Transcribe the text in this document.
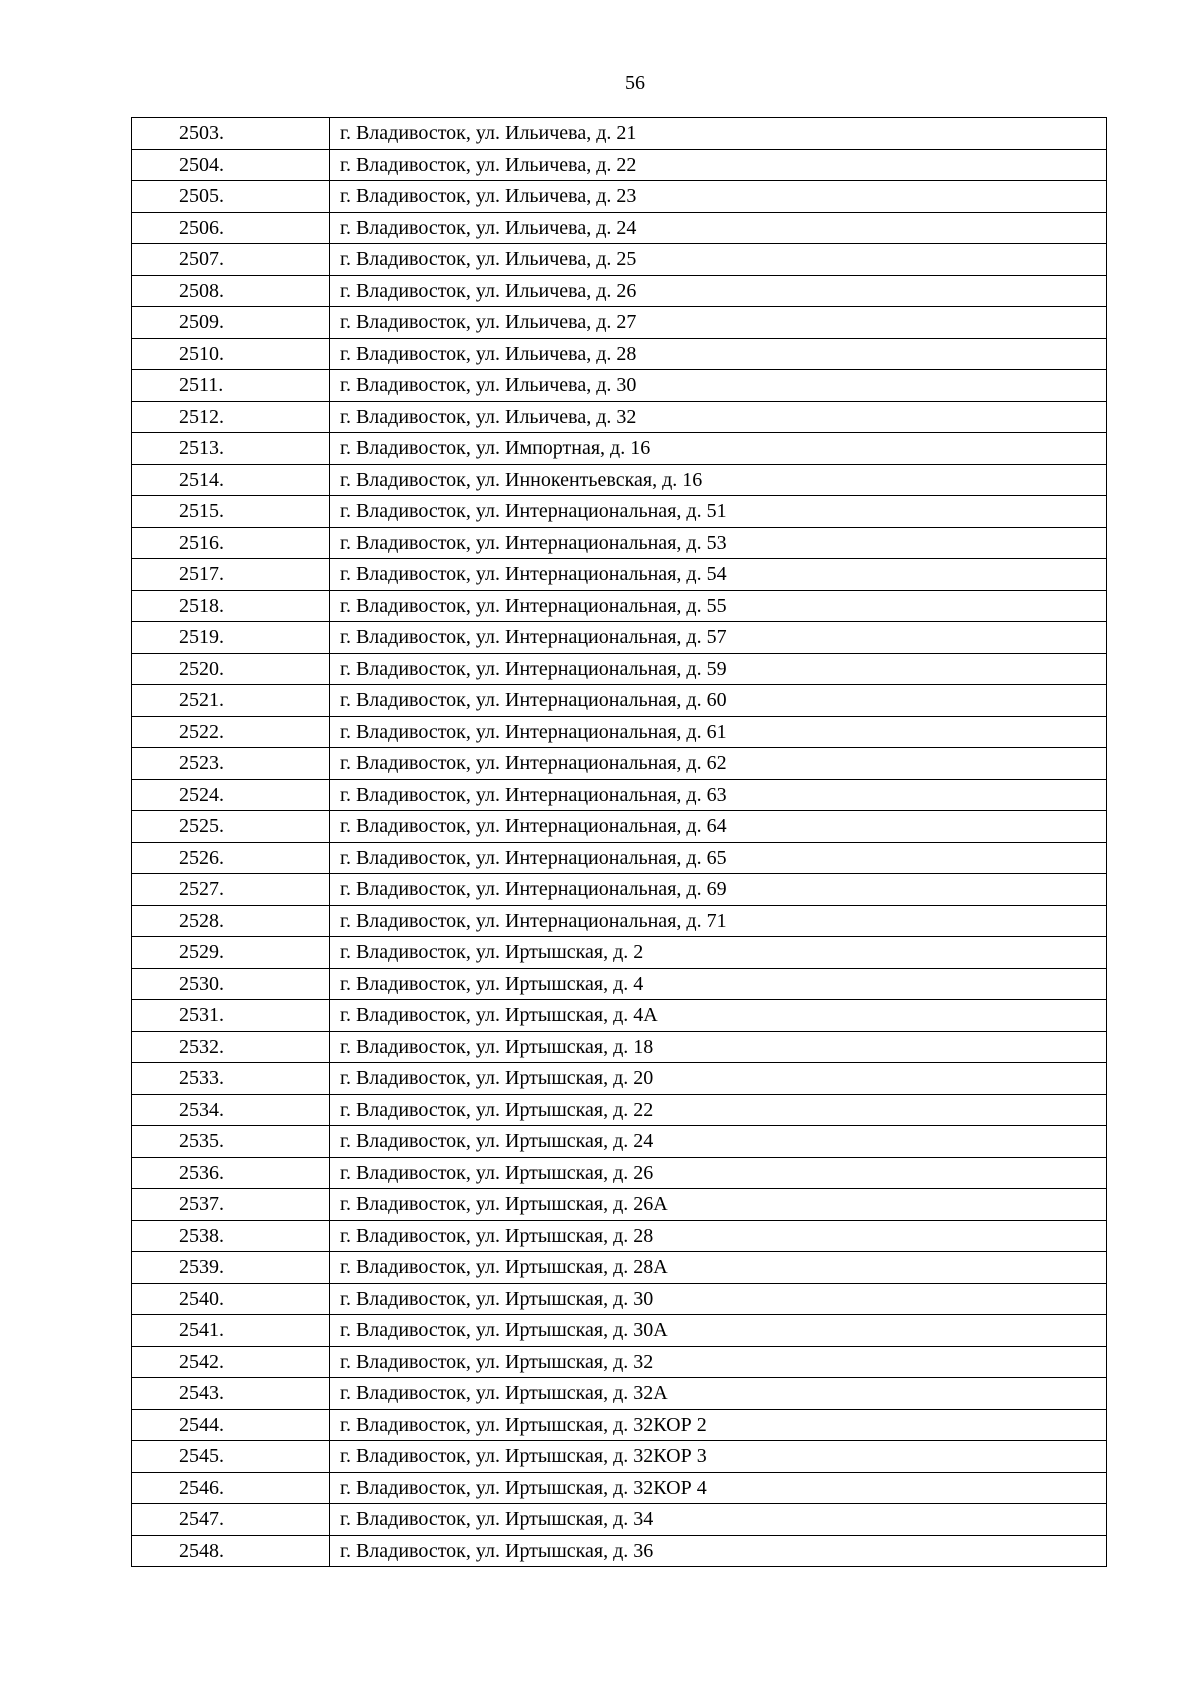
56
2503.	г. Владивосток, ул. Ильичева, д. 21
2504.	г. Владивосток, ул. Ильичева, д. 22
2505.	г. Владивосток, ул. Ильичева, д. 23
2506.	г. Владивосток, ул. Ильичева, д. 24
2507.	г. Владивосток, ул. Ильичева, д. 25
2508.	г. Владивосток, ул. Ильичева, д. 26
2509.	г. Владивосток, ул. Ильичева, д. 27
2510.	г. Владивосток, ул. Ильичева, д. 28
2511.	г. Владивосток, ул. Ильичева, д. 30
2512.	г. Владивосток, ул. Ильичева, д. 32
2513.	г. Владивосток, ул. Импортная, д. 16
2514.	г. Владивосток, ул. Иннокентьевская, д. 16
2515.	г. Владивосток, ул. Интернациональная, д. 51
2516.	г. Владивосток, ул. Интернациональная, д. 53
2517.	г. Владивосток, ул. Интернациональная, д. 54
2518.	г. Владивосток, ул. Интернациональная, д. 55
2519.	г. Владивосток, ул. Интернациональная, д. 57
2520.	г. Владивосток, ул. Интернациональная, д. 59
2521.	г. Владивосток, ул. Интернациональная, д. 60
2522.	г. Владивосток, ул. Интернациональная, д. 61
2523.	г. Владивосток, ул. Интернациональная, д. 62
2524.	г. Владивосток, ул. Интернациональная, д. 63
2525.	г. Владивосток, ул. Интернациональная, д. 64
2526.	г. Владивосток, ул. Интернациональная, д. 65
2527.	г. Владивосток, ул. Интернациональная, д. 69
2528.	г. Владивосток, ул. Интернациональная, д. 71
2529.	г. Владивосток, ул. Иртышская, д. 2
2530.	г. Владивосток, ул. Иртышская, д. 4
2531.	г. Владивосток, ул. Иртышская, д. 4А
2532.	г. Владивосток, ул. Иртышская, д. 18
2533.	г. Владивосток, ул. Иртышская, д. 20
2534.	г. Владивосток, ул. Иртышская, д. 22
2535.	г. Владивосток, ул. Иртышская, д. 24
2536.	г. Владивосток, ул. Иртышская, д. 26
2537.	г. Владивосток, ул. Иртышская, д. 26А
2538.	г. Владивосток, ул. Иртышская, д. 28
2539.	г. Владивосток, ул. Иртышская, д. 28А
2540.	г. Владивосток, ул. Иртышская, д. 30
2541.	г. Владивосток, ул. Иртышская, д. 30А
2542.	г. Владивосток, ул. Иртышская, д. 32
2543.	г. Владивосток, ул. Иртышская, д. 32А
2544.	г. Владивосток, ул. Иртышская, д. 32КОР 2
2545.	г. Владивосток, ул. Иртышская, д. 32КОР 3
2546.	г. Владивосток, ул. Иртышская, д. 32КОР 4
2547.	г. Владивосток, ул. Иртышская, д. 34
2548.	г. Владивосток, ул. Иртышская, д. 36
